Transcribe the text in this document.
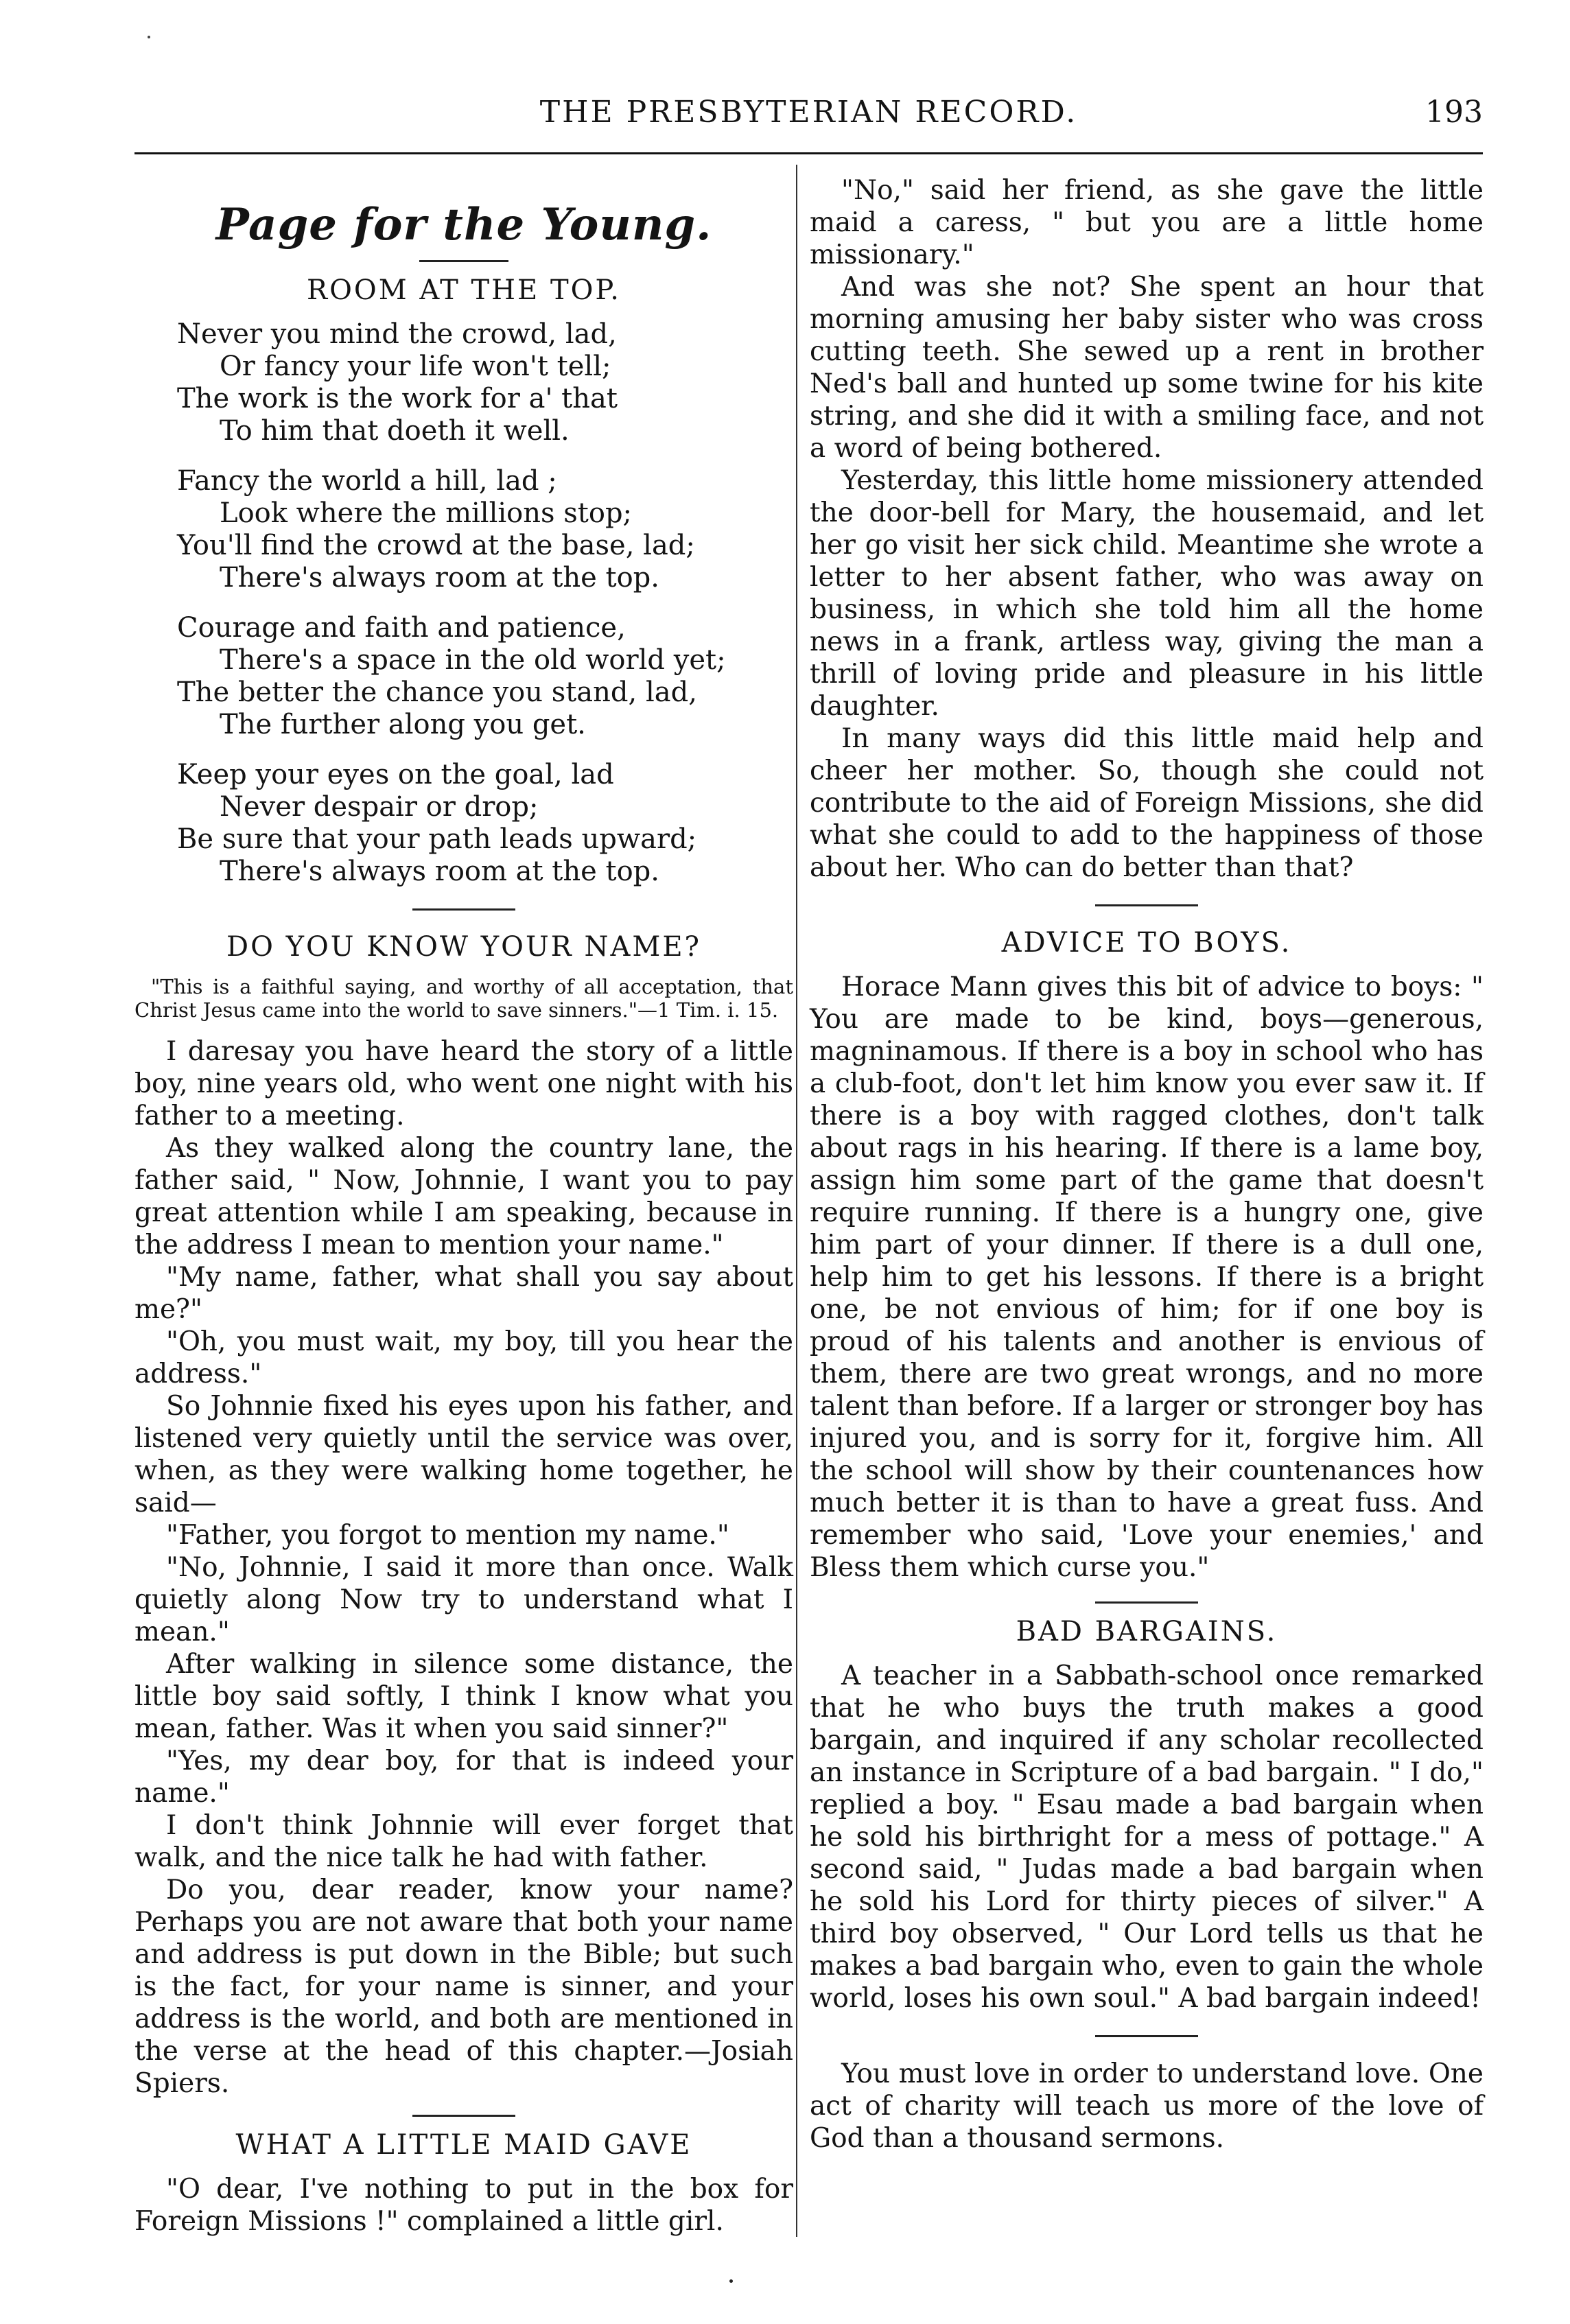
THE PRESBYTERIAN RECORD.	193
Page for the Young.
ROOM AT THE TOP.
Never you mind the crowd, lad,
Or fancy your life won't tell;
The work is the work for a' that
To him that doeth it well.
Fancy the world a hill, lad ;
Look where the millions stop;
You'll find the crowd at the base, lad;
There's always room at the top.
Courage and faith and patience,
There's a space in the old world yet;
The better the chance you stand, lad,
The further along you get.
Keep your eyes on the goal, lad
Never despair or drop;
Be sure that your path leads upward;
There's always room at the top.
DO YOU KNOW YOUR NAME?
"This is a faithful saying, and worthy of all acceptation, that Christ Jesus came into the world to save sinners."—1 Tim. i. 15.

I daresay you have heard the story of a little boy, nine years old, who went one night with his father to a meeting.

As they walked along the country lane, the father said, " Now, Johnnie, I want you to pay great attention while I am speaking, because in the address I mean to mention your name."

"My name, father, what shall you say about me?"

"Oh, you must wait, my boy, till you hear the address."

So Johnnie fixed his eyes upon his father, and listened very quietly until the service was over, when, as they were walking home together, he said—

"Father, you forgot to mention my name."

"No, Johnnie, I said it more than once. Walk quietly along Now try to understand what I mean."

After walking in silence some distance, the little boy said softly, I think I know what you mean, father. Was it when you said sinner?"

"Yes, my dear boy, for that is indeed your name."

I don't think Johnnie will ever forget that walk, and the nice talk he had with father.

Do you, dear reader, know your name? Perhaps you are not aware that both your name and address is put down in the Bible; but such is the fact, for your name is sinner, and your address is the world, and both are mentioned in the verse at the head of this chapter.—Josiah Spiers.

WHAT A LITTLE MAID GAVE

"O dear, I've nothing to put in the box for Foreign Missions !" complained a little girl.

"No," said her friend, as she gave the little maid a caress, " but you are a little home missionary."

And was she not? She spent an hour that morning amusing her baby sister who was cross cutting teeth. She sewed up a rent in brother Ned's ball and hunted up some twine for his kite string, and she did it with a smiling face, and not a word of being bothered.

Yesterday, this little home missionery attended the door-bell for Mary, the housemaid, and let her go visit her sick child. Meantime she wrote a letter to her absent father, who was away on business, in which she told him all the home news in a frank, artless way, giving the man a thrill of loving pride and pleasure in his little daughter.

In many ways did this little maid help and cheer her mother. So, though she could not contribute to the aid of Foreign Missions, she did what she could to add to the happiness of those about her. Who can do better than that?

ADVICE TO BOYS.

Horace Mann gives this bit of advice to boys: " You are made to be kind, boys—generous, magninamous. If there is a boy in school who has a club-foot, don't let him know you ever saw it. If there is a boy with ragged clothes, don't talk about rags in his hearing. If there is a lame boy, assign him some part of the game that doesn't require running. If there is a hungry one, give him part of your dinner. If there is a dull one, help him to get his lessons. If there is a bright one, be not envious of him; for if one boy is proud of his talents and another is envious of them, there are two great wrongs, and no more talent than before. If a larger or stronger boy has injured you, and is sorry for it, forgive him. All the school will show by their countenances how much better it is than to have a great fuss. And remember who said, 'Love your enemies,' and Bless them which curse you."

BAD BARGAINS.

A teacher in a Sabbath-school once remarked that he who buys the truth makes a good bargain, and inquired if any scholar recollected an instance in Scripture of a bad bargain. " I do," replied a boy. " Esau made a bad bargain when he sold his birthright for a mess of pottage." A second said, " Judas made a bad bargain when he sold his Lord for thirty pieces of silver." A third boy observed, " Our Lord tells us that he makes a bad bargain who, even to gain the whole world, loses his own soul." A bad bargain indeed!

You must love in order to understand love. One act of charity will teach us more of the love of God than a thousand sermons.
